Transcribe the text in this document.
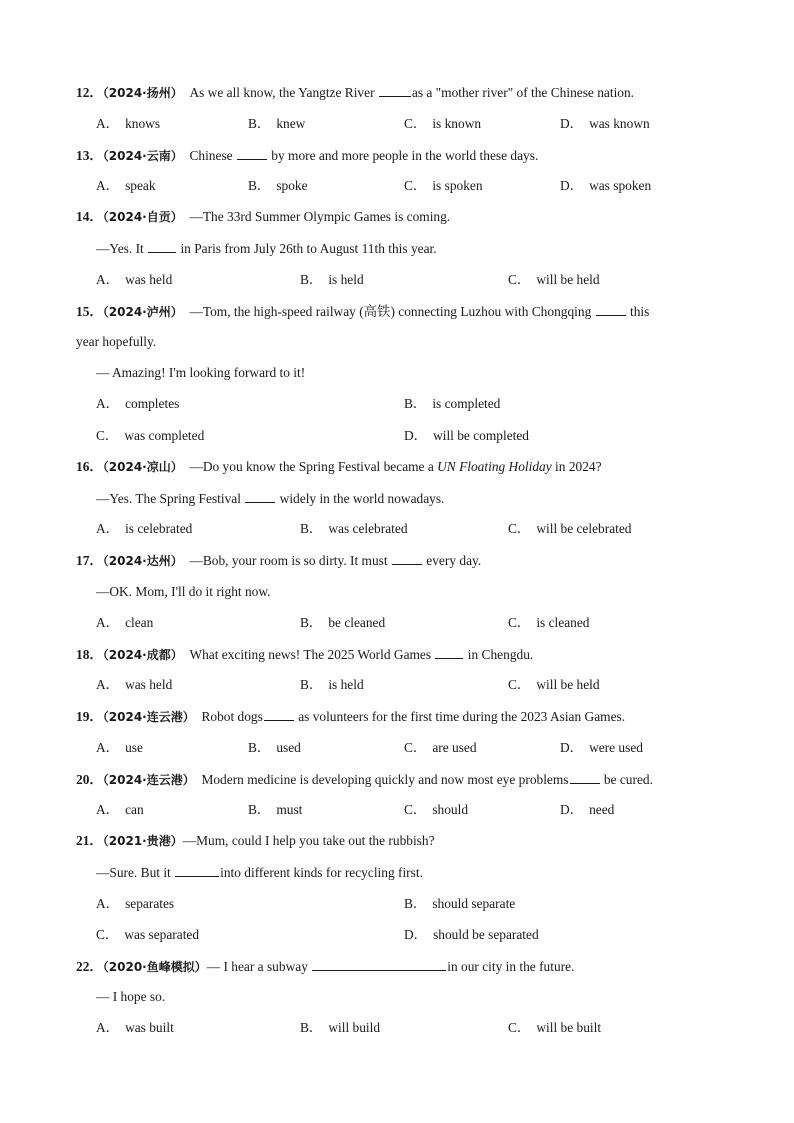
12．（2024·扬州） As we all know, the Yangtze River	as a "mother river" of the Chinese nation.
A． knows	B． knew	C． is known	D． was known
13．（2024·云南） Chinese  by more and more people in the world these days.
A． speak	B． spoke	C． is spoken	D． was spoken
14．（2024·自贡） —The 33rd Summer Olympic Games is coming.
—Yes. It  in Paris from July 26th to August 11th this year.
A． was held	B． is held	C． will be held
15．（2024·泸州） —Tom, the high-speed railway (高铁) connecting Luzhou with Chongqing  this
year hopefully.
— Amazing! I'm looking forward to it!
A． completes	B． is completed
C． was completed	D． will be completed
16．（2024·凉山） —Do you know the Spring Festival became a UN Floating Holiday in 2024?
—Yes. The Spring Festival  widely in the world nowadays.
A． is celebrated	B． was celebrated	C． will be celebrated
17．（2024·达州） —Bob, your room is so dirty. It must  every day.
—OK. Mom, I'll do it right now.
A． clean	B． be cleaned	C． is cleaned
18．（2024·成都） What exciting news! The 2025 World Games  in Chengdu.
A． was held	B． is held	C． will be held
19．（2024·连云港） Robot dogs as volunteers for the first time during the 2023 Asian Games.
A． use	B． used	C． are used	D． were used
20．（2024·连云港） Modern medicine is developing quickly and now most eye problems be cured.
A． can	B． must	C． should	D． need
21．（2021·贵港）—Mum, could I help you take out the rubbish?
—Sure. But it	into different kinds for recycling first.
A． separates	B． should separate
C． was separated	D． should be separated
22．（2020·鱼峰模拟）— I hear a subway	in our city in the future.
— I hope so.
A． was built	B． will build	C． will be built
